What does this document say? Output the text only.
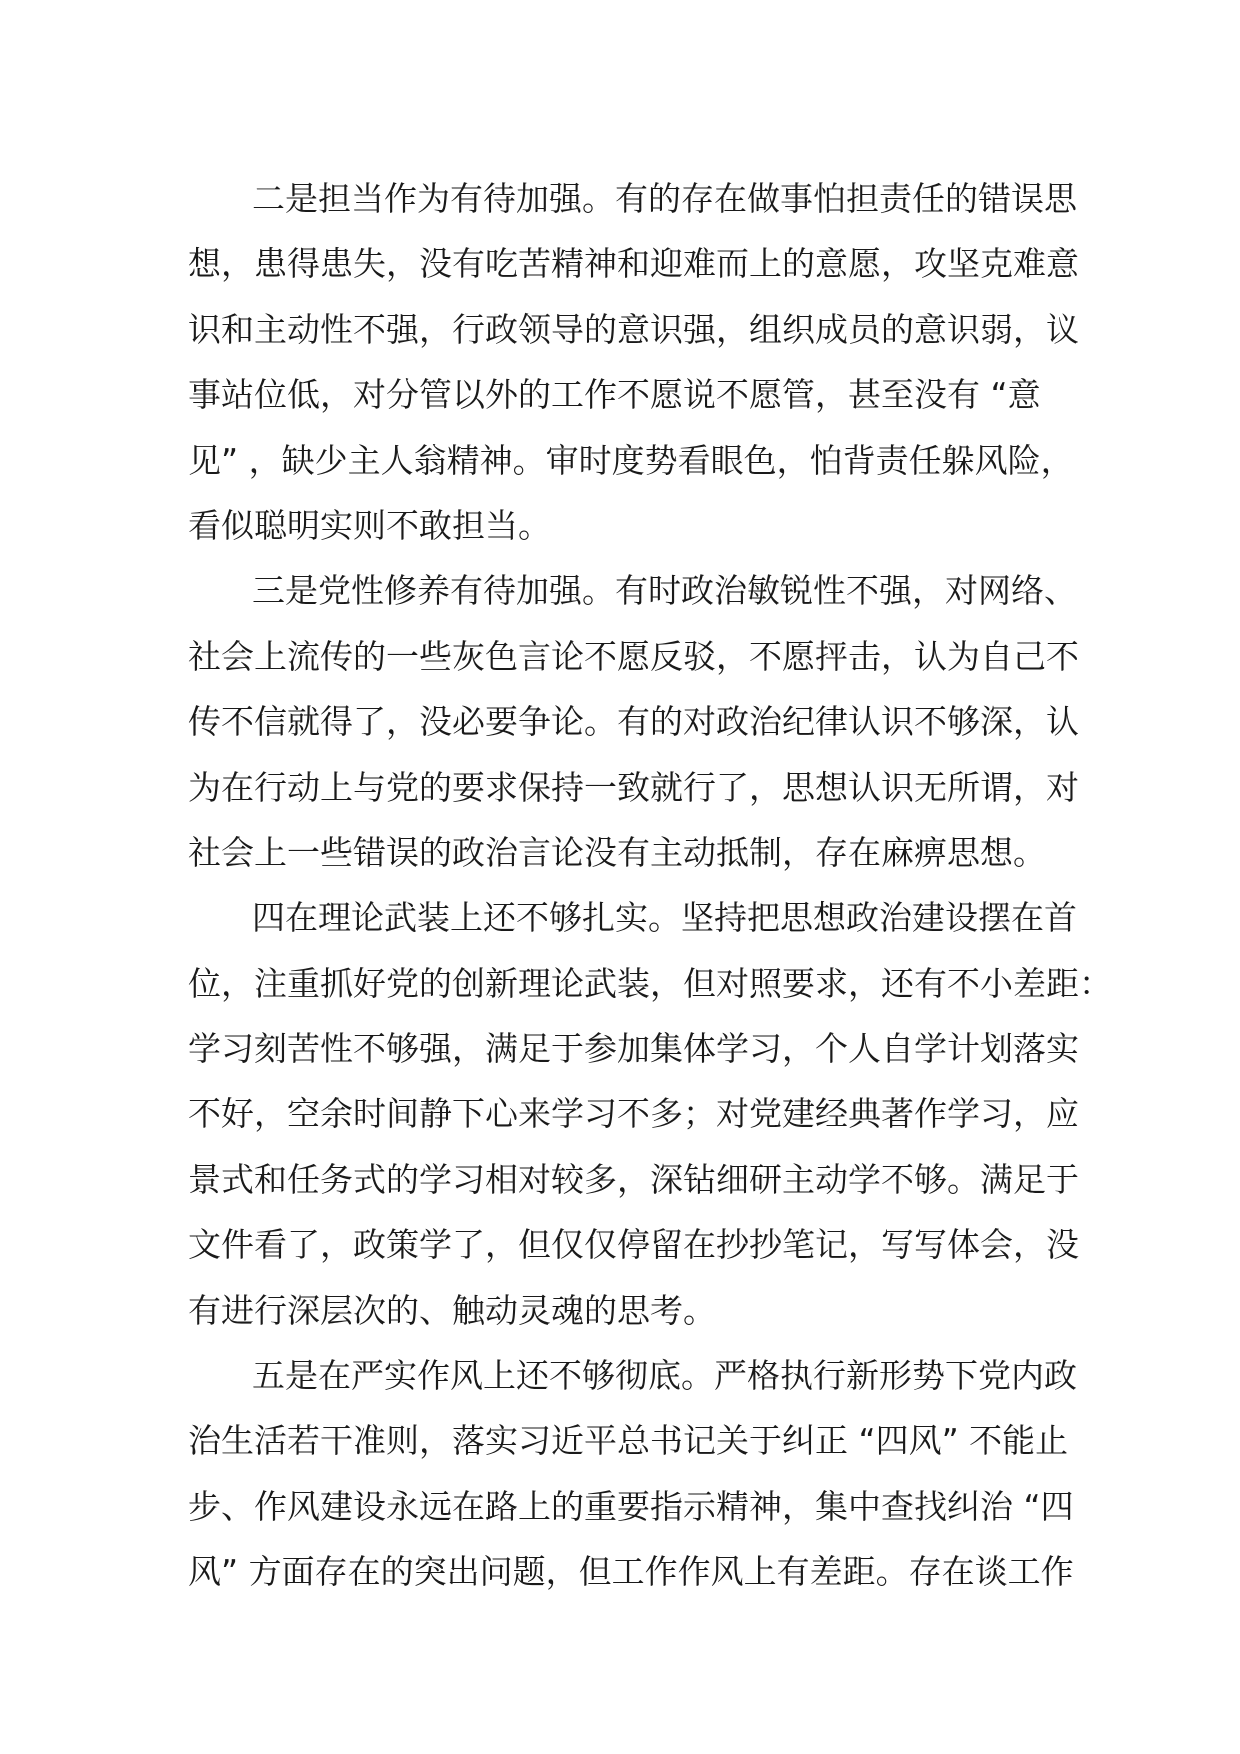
二是担当作为有待加强。有的存在做事怕担责任的错误思
想，患得患失，没有吃苦精神和迎难而上的意愿，攻坚克难意
识和主动性不强，行政领导的意识强，组织成员的意识弱，议
事站位低，对分管以外的工作不愿说不愿管，甚至没有 “意
见” ，缺少主人翁精神。审时度势看眼色，怕背责任躲风险，
看似聪明实则不敢担当。
三是党性修养有待加强。有时政治敏锐性不强，对网络、
社会上流传的一些灰色言论不愿反驳，不愿抨击，认为自己不
传不信就得了，没必要争论。有的对政治纪律认识不够深，认
为在行动上与党的要求保持一致就行了，思想认识无所谓，对
社会上一些错误的政治言论没有主动抵制，存在麻痹思想。
四在理论武装上还不够扎实。坚持把思想政治建设摆在首
位，注重抓好党的创新理论武装，但对照要求，还有不小差距：
学习刻苦性不够强，满足于参加集体学习，个人自学计划落实
不好，空余时间静下心来学习不多；对党建经典著作学习，应
景式和任务式的学习相对较多，深钻细研主动学不够。满足于
文件看了，政策学了，但仅仅停留在抄抄笔记，写写体会，没
有进行深层次的、触动灵魂的思考。
五是在严实作风上还不够彻底。严格执行新形势下党内政
治生活若干准则，落实习近平总书记关于纠正 “四风” 不能止
步、作风建设永远在路上的重要指示精神，集中查找纠治 “四
风” 方面存在的突出问题，但工作作风上有差距。存在谈工作
